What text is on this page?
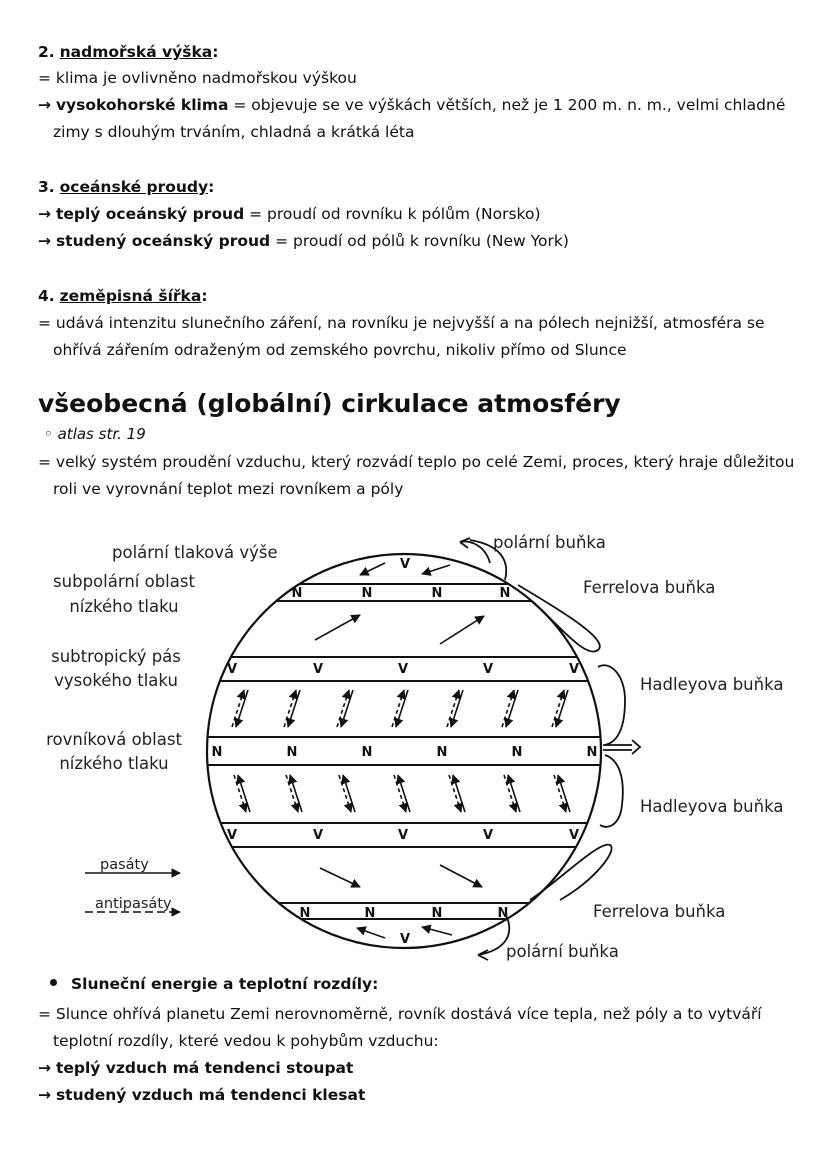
2. nadmořská výška:
= klima je ovlivněno nadmořskou výškou
→ vysokohorské klima = objevuje se ve výškách větších, než je 1 200 m. n. m., velmi chladné
zimy s dlouhým trváním, chladná a krátká léta
3. oceánské proudy:
→ teplý oceánský proud = proudí od rovníku k pólům (Norsko)
→ studený oceánský proud = proudí od pólů k rovníku (New York)
4. zeměpisná šířka:
= udává intenzitu slunečního záření, na rovníku je nejvyšší a na pólech nejnižší, atmosféra se
ohřívá zářením odraženým od zemského povrchu, nikoliv přímo od Slunce
všeobecná (globální) cirkulace atmosféry
◦ atlas str. 19
= velký systém proudění vzduchu, který rozvádí teplo po celé Zemi, proces, který hraje důležitou
roli ve vyrovnání teplot mezi rovníkem a póly
V
N	N	N	N
V	V	V	V	V
N	N	N	N	N	N
V	V	V	V	V
N	N	N	N
V
polární tlaková výše
subpolární oblast
nízkého tlaku
subtropický pás
vysokého tlaku
rovníková oblast
nízkého tlaku
pasáty
antipasáty
polární buňka
Ferrelova buňka
Hadleyova buňka
Hadleyova buňka
Ferrelova buňka
polární buňka
Sluneční energie a teplotní rozdíly:
= Slunce ohřívá planetu Zemi nerovnoměrně, rovník dostává více tepla, než póly a to vytváří
teplotní rozdíly, které vedou k pohybům vzduchu:
→ teplý vzduch má tendenci stoupat
→ studený vzduch má tendenci klesat
